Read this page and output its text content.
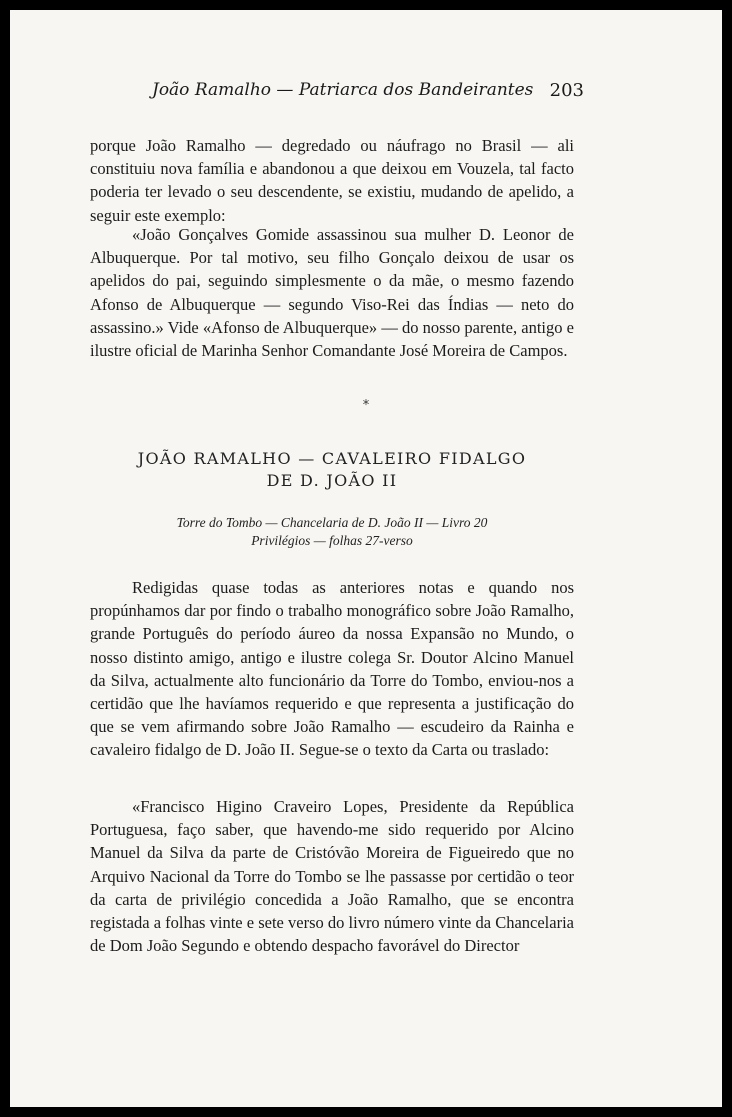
João Ramalho — Patriarca dos Bandeirantes 203

porque João Ramalho — degredado ou náufrago no Brasil — ali constituiu nova família e abandonou a que deixou em Vouzela, tal facto poderia ter levado o seu descendente, se existiu, mudando de apelido, a seguir este exemplo:

«João Gonçalves Gomide assassinou sua mulher D. Leonor de Albuquerque. Por tal motivo, seu filho Gonçalo deixou de usar os apelidos do pai, seguindo simplesmente o da mãe, o mesmo fazendo Afonso de Albuquerque — segundo Viso-Rei das Índias — neto do assassino.» Vide «Afonso de Albuquerque» — do nosso parente, antigo e ilustre oficial de Marinha Senhor Comandante José Moreira de Campos.

*
JOÃO RAMALHO — CAVALEIRO FIDALGO
DE D. JOÃO II
Torre do Tombo — Chancelaria de D. João II — Livro 20
Privilégios — folhas 27-verso

Redigidas quase todas as anteriores notas e quando nos propúnhamos dar por findo o trabalho monográfico sobre João Ramalho, grande Português do período áureo da nossa Expansão no Mundo, o nosso distinto amigo, antigo e ilustre colega Sr. Doutor Alcino Manuel da Silva, actualmente alto funcionário da Torre do Tombo, enviou-nos a certidão que lhe havíamos requerido e que representa a justificação do que se vem afirmando sobre João Ramalho — escudeiro da Rainha e cavaleiro fidalgo de D. João II. Segue-se o texto da Carta ou traslado:

«Francisco Higino Craveiro Lopes, Presidente da República Portuguesa, faço saber, que havendo-me sido requerido por Alcino Manuel da Silva da parte de Cristóvão Moreira de Figueiredo que no Arquivo Nacional da Torre do Tombo se lhe passasse por certidão o teor da carta de privilégio concedida a João Ramalho, que se encontra registada a folhas vinte e sete verso do livro número vinte da Chancelaria de Dom João Segundo e obtendo despacho favorável do Director
